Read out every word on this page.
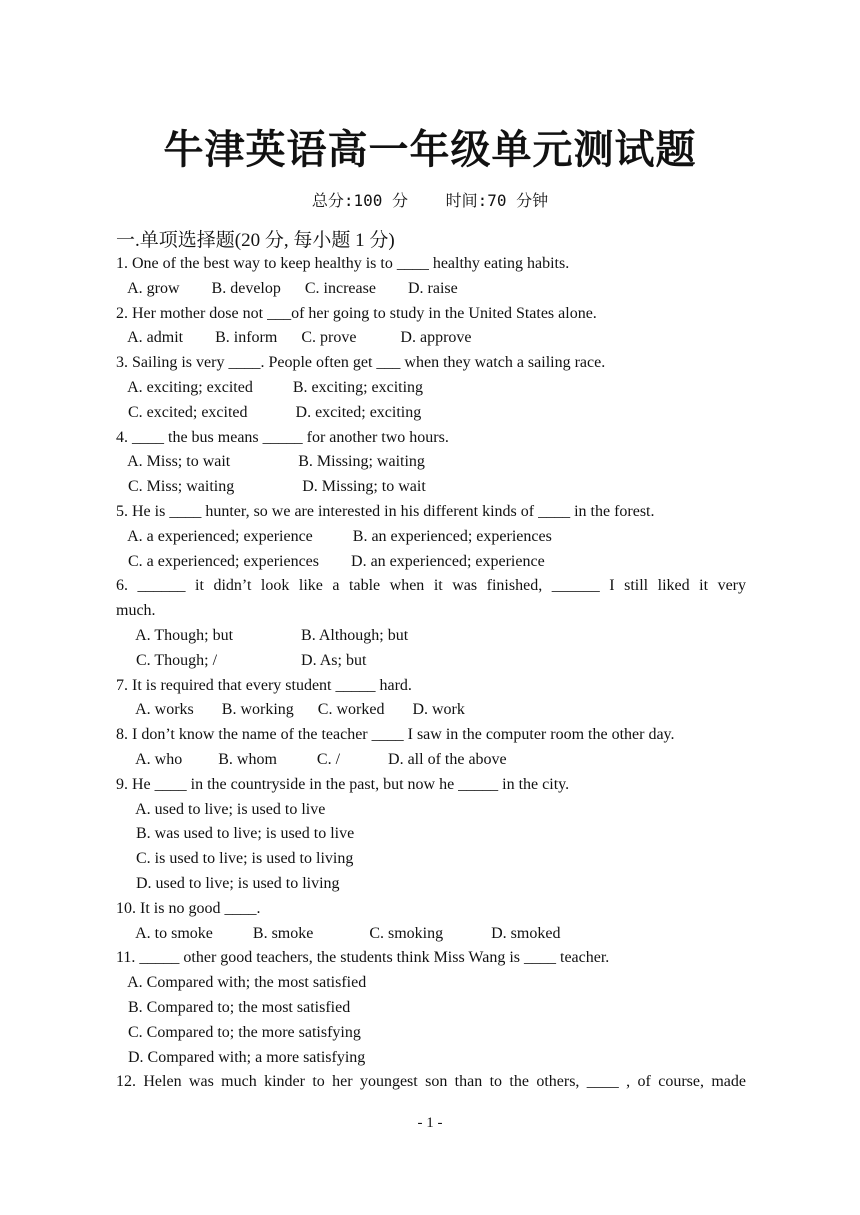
牛津英语高一年级单元测试题
总分:100 分 时间:70 分钟
一.单项选择题(20 分, 每小题 1 分)
1. One of the best way to keep healthy is to ____ healthy eating habits.
A. grow        B. develop      C. increase        D. raise
2. Her mother dose not ___of her going to study in the United States alone.
A. admit        B. inform      C. prove           D. approve
3. Sailing is very ____. People often get ___ when they watch a sailing race.
A. exciting; excited          B. exciting; exciting
C. excited; excited            D. excited; exciting
4. ____ the bus means _____ for another two hours.
A. Miss; to wait                 B. Missing; waiting
C. Miss; waiting                 D. Missing; to wait
5. He is ____ hunter, so we are interested in his different kinds of ____ in the forest.
A. a experienced; experience          B. an experienced; experiences
C. a experienced; experiences        D. an experienced; experience
6. ______ it didn’t look like a table when it was finished, ______ I still liked it very
much.
A. Though; but                 B. Although; but
C. Though; /                     D. As; but
7. It is required that every student _____ hard.
A. works       B. working      C. worked       D. work
8. I don’t know the name of the teacher ____ I saw in the computer room the other day.
A. who         B. whom          C. /            D. all of the above
9. He ____ in the countryside in the past, but now he _____ in the city.
A. used to live; is used to live
B. was used to live; is used to live
C. is used to live; is used to living
D. used to live; is used to living
10. It is no good ____.
A. to smoke          B. smoke              C. smoking            D. smoked
11. _____ other good teachers, the students think Miss Wang is ____ teacher.
A. Compared with; the most satisfied
B. Compared to; the most satisfied
C. Compared to; the more satisfying
D. Compared with; a more satisfying
12. Helen was much kinder to her youngest son than to the others, ____ , of course, made
- 1 -
